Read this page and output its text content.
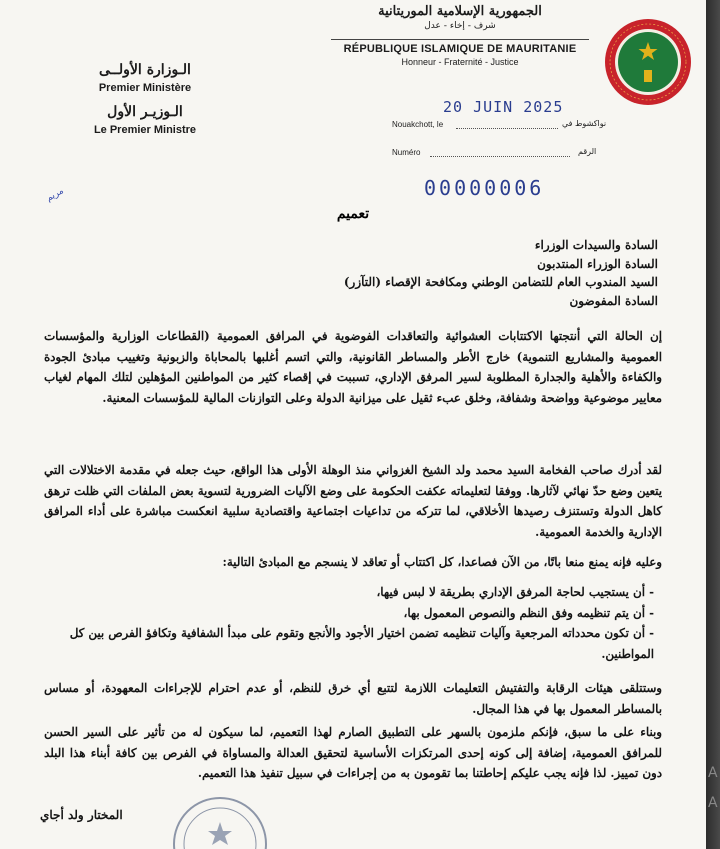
الـوزارة الأولــى
Premier Ministère
الـوزيـر الأول
Le Premier Ministre
الجمهورية الإسلامية الموريتانية
شرف - إخاء - عدل
RÉPUBLIQUE ISLAMIQUE DE MAURITANIE
Honneur - Fraternité - Justice
Nouakchott, le	نواكشوط في
20 JUIN 2025
Numéro	الرقم
00000006
مريم
تعميم
السادة والسيدات الوزراء
السادة الوزراء المنتدبون
السيد المندوب العام للتضامن الوطني ومكافحة الإقصاء (التآزر)
السادة المفوضون
إن الحالة التي أنتجتها الاكتتابات العشوائية والتعاقدات الفوضوية في المرافق العمومية (القطاعات الوزارية والمؤسسات العمومية والمشاريع التنموية) خارج الأطر والمساطر القانونية، والتي اتسم أغلبها بالمحاباة والزبونية وتغييب مبادئ الجودة والكفاءة والأهلية والجدارة المطلوبة لسير المرفق الإداري، تسببت في إقصاء كثير من المواطنين المؤهلين لتلك المهام لغياب معايير موضوعية وواضحة وشفافة، وخلق عبء ثقيل على ميزانية الدولة وعلى التوازنات المالية للمؤسسات المعنية.
لقد أدرك صاحب الفخامة السيد محمد ولد الشيخ الغزواني منذ الوهلة الأولى هذا الواقع، حيث جعله في مقدمة الاختلالات التي يتعين وضع حدّ نهائي لآثارها. ووفقا لتعليماته عكفت الحكومة على وضع الآليات الضرورية لتسوية بعض الملفات التي ظلت ترهق كاهل الدولة وتستنزف رصيدها الأخلاقي، لما تتركه من تداعيات اجتماعية واقتصادية سلبية انعكست مباشرة على أداء المرافق الإدارية والخدمة العمومية.
وعليه فإنه يمنع منعا باتًا، من الآن فصاعدا، كل اكتتاب أو تعاقد لا ينسجم مع المبادئ التالية:
- أن يستجيب لحاجة المرفق الإداري بطريقة لا لبس فيها،
- أن يتم تنظيمه وفق النظم والنصوص المعمول بها،
- أن تكون محدداته المرجعية وآليات تنظيمه تضمن اختيار الأجود والأنجع وتقوم على مبدأ الشفافية وتكافؤ الفرص بين كل المواطنين.
وستتلقى هيئات الرقابة والتفتيش التعليمات اللازمة لتتبع أي خرق للنظم، أو عدم احترام للإجراءات المعهودة، أو مساس بالمساطر المعمول بها في هذا المجال.
وبناء على ما سبق، فإنكم ملزمون بالسهر على التطبيق الصارم لهذا التعميم، لما سيكون له من تأثير على السير الحسن للمرافق العمومية، إضافة إلى كونه إحدى المرتكزات الأساسية لتحقيق العدالة والمساواة في الفرص بين كافة أبناء هذا البلد دون تمييز. لذا فإنه يجب عليكم إحاطتنا بما تقومون به من إجراءات في سبيل تنفيذ هذا التعميم.
المختار ولد أجاي
A
A
